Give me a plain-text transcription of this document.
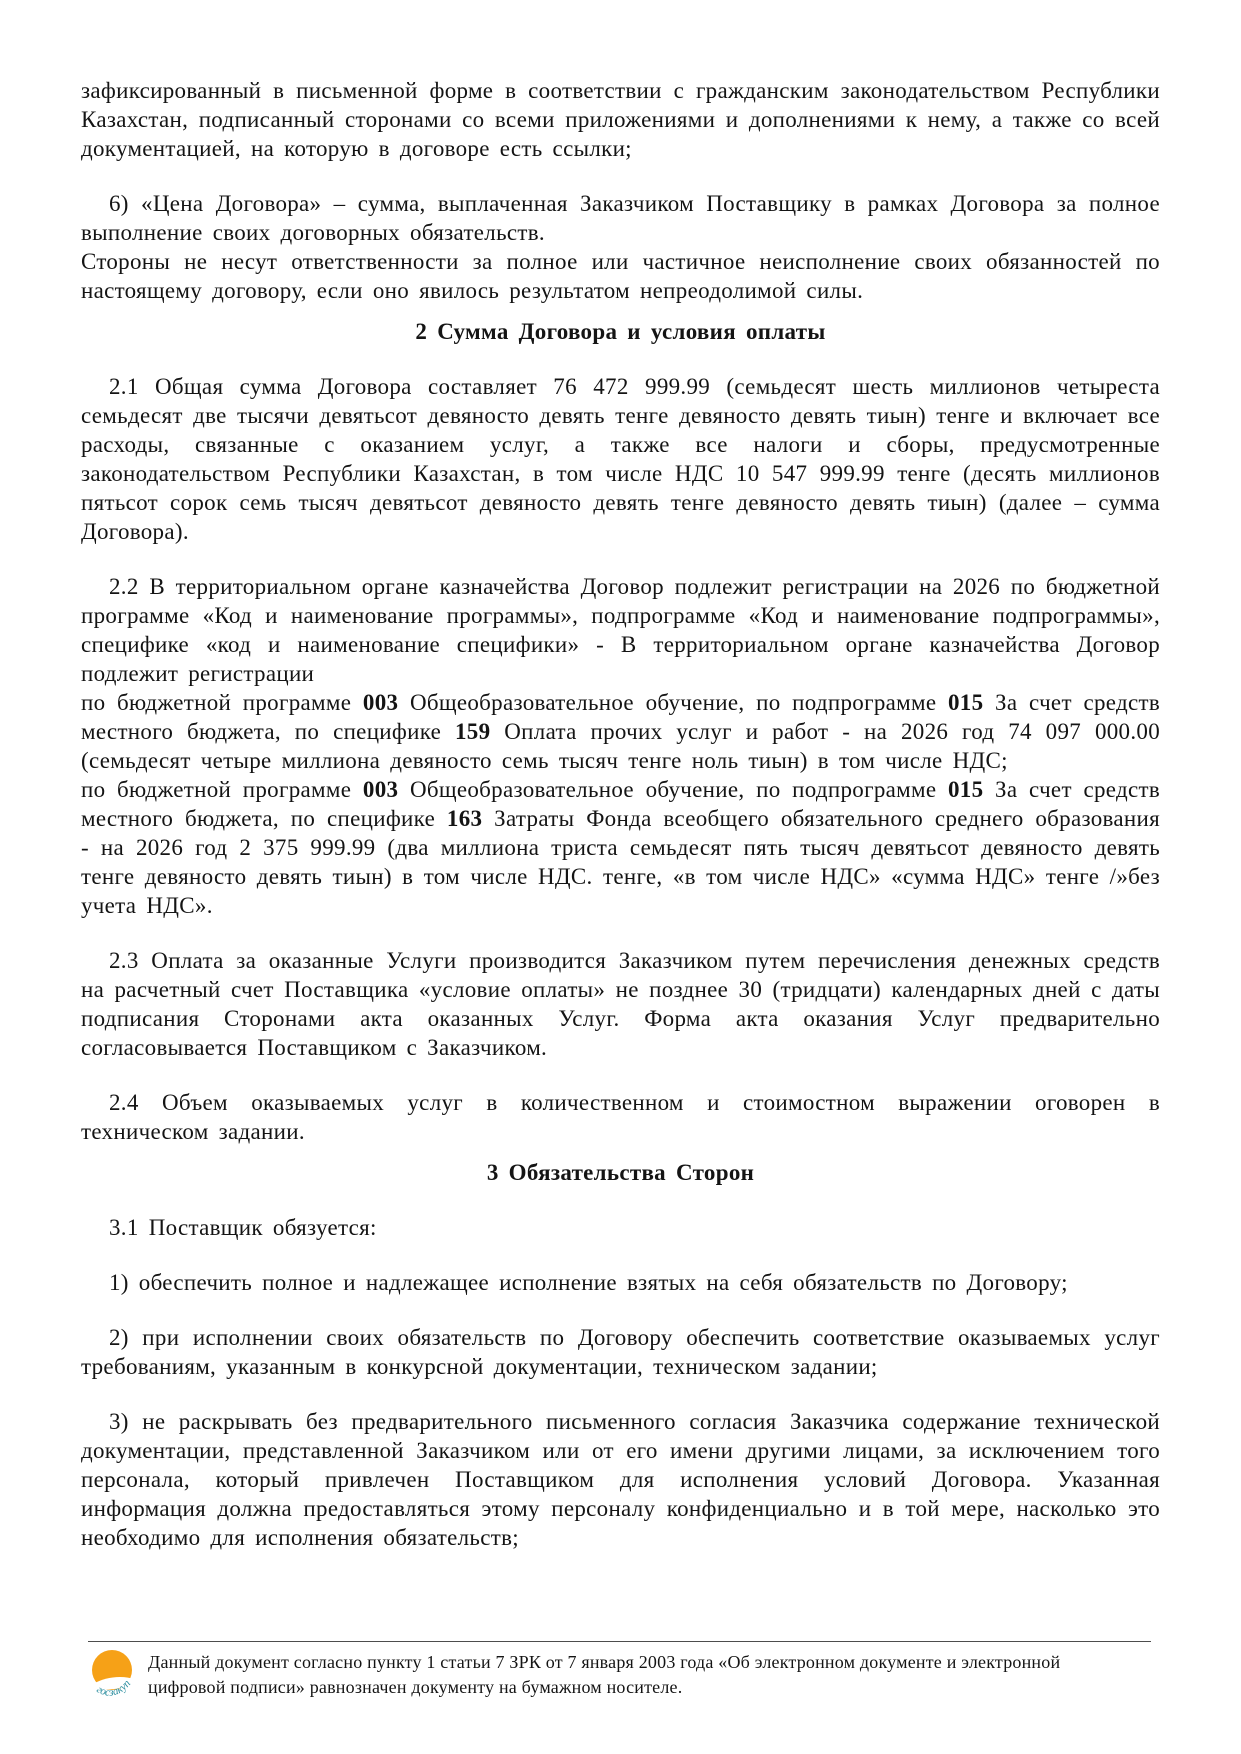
зафиксированный в письменной форме в соответствии с гражданским законодательством Республики Казахстан, подписанный сторонами со всеми приложениями и дополнениями к нему, а также со всей документацией, на которую в договоре есть ссылки;

6) «Цена Договора» – сумма, выплаченная Заказчиком Поставщику в рамках Договора за полное выполнение своих договорных обязательств.

Стороны не несут ответственности за полное или частичное неисполнение своих обязанностей по настоящему договору, если оно явилось результатом непреодолимой силы.

2 Сумма Договора и условия оплаты

2.1 Общая сумма Договора составляет 76 472 999.99 (семьдесят шесть миллионов четыреста семьдесят две тысячи девятьсот девяносто девять тенге девяносто девять тиын) тенге и включает все расходы, связанные с оказанием услуг, а также все налоги и сборы, предусмотренные законодательством Республики Казахстан, в том числе НДС 10 547 999.99 тенге (десять миллионов пятьсот сорок семь тысяч девятьсот девяносто девять тенге девяносто девять тиын) (далее – сумма Договора).

2.2 В территориальном органе казначейства Договор подлежит регистрации на 2026 по бюджетной программе «Код и наименование программы», подпрограмме «Код и наименование подпрограммы», специфике «код и наименование специфики» - В территориальном органе казначейства Договор подлежит регистрации

по бюджетной программе 003 Общеобразовательное обучение, по подпрограмме 015 За счет средств местного бюджета, по специфике 159 Оплата прочих услуг и работ - на 2026 год 74 097 000.00 (семьдесят четыре миллиона девяносто семь тысяч тенге ноль тиын) в том числе НДС;

по бюджетной программе 003 Общеобразовательное обучение, по подпрограмме 015 За счет средств местного бюджета, по специфике 163 Затраты Фонда всеобщего обязательного среднего образования - на 2026 год 2 375 999.99 (два миллиона триста семьдесят пять тысяч девятьсот девяносто девять тенге девяносто девять тиын) в том числе НДС. тенге, «в том числе НДС» «сумма НДС» тенге /»без учета НДС».

2.3 Оплата за оказанные Услуги производится Заказчиком путем перечисления денежных средств на расчетный счет Поставщика «условие оплаты» не позднее 30 (тридцати) календарных дней с даты подписания Сторонами акта оказанных Услуг. Форма акта оказания Услуг предварительно согласовывается Поставщиком с Заказчиком.

2.4 Объем оказываемых услуг в количественном и стоимостном выражении оговорен в техническом задании.

3 Обязательства Сторон

3.1 Поставщик обязуется:

1) обеспечить полное и надлежащее исполнение взятых на себя обязательств по Договору;

2) при исполнении своих обязательств по Договору обеспечить соответствие оказываемых услуг требованиям, указанным в конкурсной документации, техническом задании;

3) не раскрывать без предварительного письменного согласия Заказчика содержание технической документации, представленной Заказчиком или от его имени другими лицами, за исключением того персонала, который привлечен Поставщиком для исполнения условий Договора. Указанная информация должна предоставляться этому персоналу конфиденциально и в той мере, насколько это необходимо для исполнения обязательств;

госзакуп

Данный документ согласно пункту 1 статьи 7 ЗРК от 7 января 2003 года «Об электронном документе и электронной цифровой подписи» равнозначен документу на бумажном носителе.
